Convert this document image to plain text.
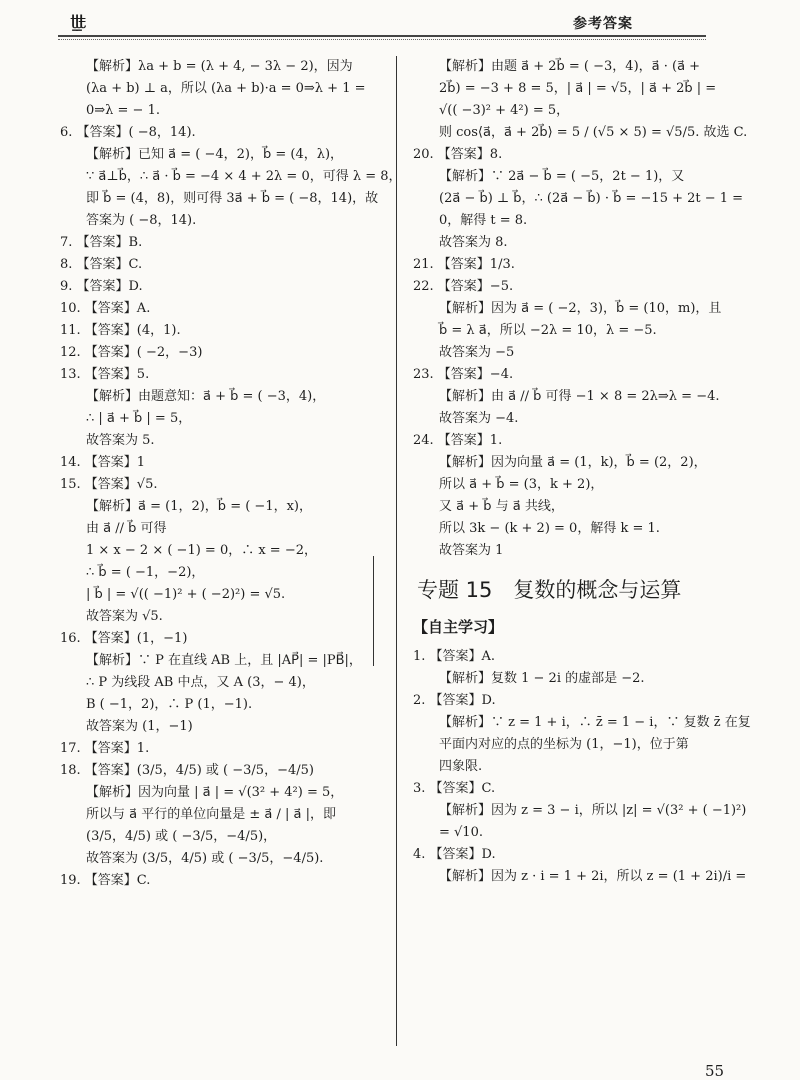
ṯṯŧ	参考答案
【解析】λa + b = (λ + 4, − 3λ − 2)，因为
(λa + b) ⊥ a，所以 (λa + b)·a = 0⇒λ + 1 =
0⇒λ = − 1.
6. 【答案】( −8，14).
【解析】已知 a⃗ = ( −4，2)，b⃗ = (4，λ)，
∵ a⃗⊥b⃗，∴ a⃗ · b⃗ = −4 × 4 + 2λ = 0，可得 λ = 8，
即 b⃗ = (4，8)，则可得 3a⃗ + b⃗ = ( −8，14)，故
答案为 ( −8，14).
7. 【答案】B.
8. 【答案】C.
9. 【答案】D.
10. 【答案】A.
11. 【答案】(4，1).
12. 【答案】( −2，−3)
13. 【答案】5.
【解析】由题意知：a⃗ + b⃗ = ( −3，4)，
∴ | a⃗ + b⃗ | = 5，
故答案为 5.
14. 【答案】1
15. 【答案】√5.
【解析】a⃗ = (1，2)，b⃗ = ( −1，x)，
由 a⃗ // b⃗ 可得
1 × x − 2 × ( −1) = 0，∴ x = −2，
∴ b⃗ = ( −1，−2)，
| b⃗ | = √(( −1)² + ( −2)²) = √5.
故答案为 √5.
16. 【答案】(1，−1)
【解析】∵ P 在直线 AB 上，且 |AP⃗| = |PB⃗|，
∴ P 为线段 AB 中点，又 A (3，− 4)，
B ( −1，2)，∴ P (1，−1).
故答案为 (1，−1)
17. 【答案】1.
18. 【答案】(3/5，4/5) 或 ( −3/5，−4/5)
【解析】因为向量 | a⃗ | = √(3² + 4²) = 5，
所以与 a⃗ 平行的单位向量是 ± a⃗ / | a⃗ |，即
(3/5，4/5) 或 ( −3/5，−4/5)，
故答案为 (3/5，4/5) 或 ( −3/5，−4/5).
19. 【答案】C.
【解析】由题 a⃗ + 2b⃗ = ( −3，4)，a⃗ · (a⃗ +
2b⃗) = −3 + 8 = 5，| a⃗ | = √5，| a⃗ + 2b⃗ | =
√(( −3)² + 4²) = 5，
则 cos⟨a⃗，a⃗ + 2b⃗⟩ = 5 / (√5 × 5) = √5/5. 故选 C.
20. 【答案】8.
【解析】∵ 2a⃗ − b⃗ = ( −5，2t − 1)，又
(2a⃗ − b⃗) ⊥ b⃗，∴ (2a⃗ − b⃗) · b⃗ = −15 + 2t − 1 =
0，解得 t = 8.
故答案为 8.
21. 【答案】1/3.
22. 【答案】−5.
【解析】因为 a⃗ = ( −2，3)，b⃗ = (10，m)，且
b⃗ = λ a⃗，所以 −2λ = 10，λ = −5.
故答案为 −5
23. 【答案】−4.
【解析】由 a⃗ // b⃗ 可得 −1 × 8 = 2λ⇒λ = −4.
故答案为 −4.
24. 【答案】1.
【解析】因为向量 a⃗ = (1，k)，b⃗ = (2，2)，
所以 a⃗ + b⃗ = (3，k + 2)，
又 a⃗ + b⃗ 与 a⃗ 共线，
所以 3k − (k + 2) = 0，解得 k = 1.
故答案为 1
专题 15　复数的概念与运算
【自主学习】
1. 【答案】A.
【解析】复数 1 − 2i 的虚部是 −2.
2. 【答案】D.
【解析】∵ z = 1 + i，∴ z̄ = 1 − i，∵ 复数 z̄ 在复
平面内对应的点的坐标为 (1，−1)，位于第
四象限.
3. 【答案】C.
【解析】因为 z = 3 − i，所以 |z| = √(3² + ( −1)²)
= √10.
4. 【答案】D.
【解析】因为 z · i = 1 + 2i，所以 z = (1 + 2i)/i =
55
